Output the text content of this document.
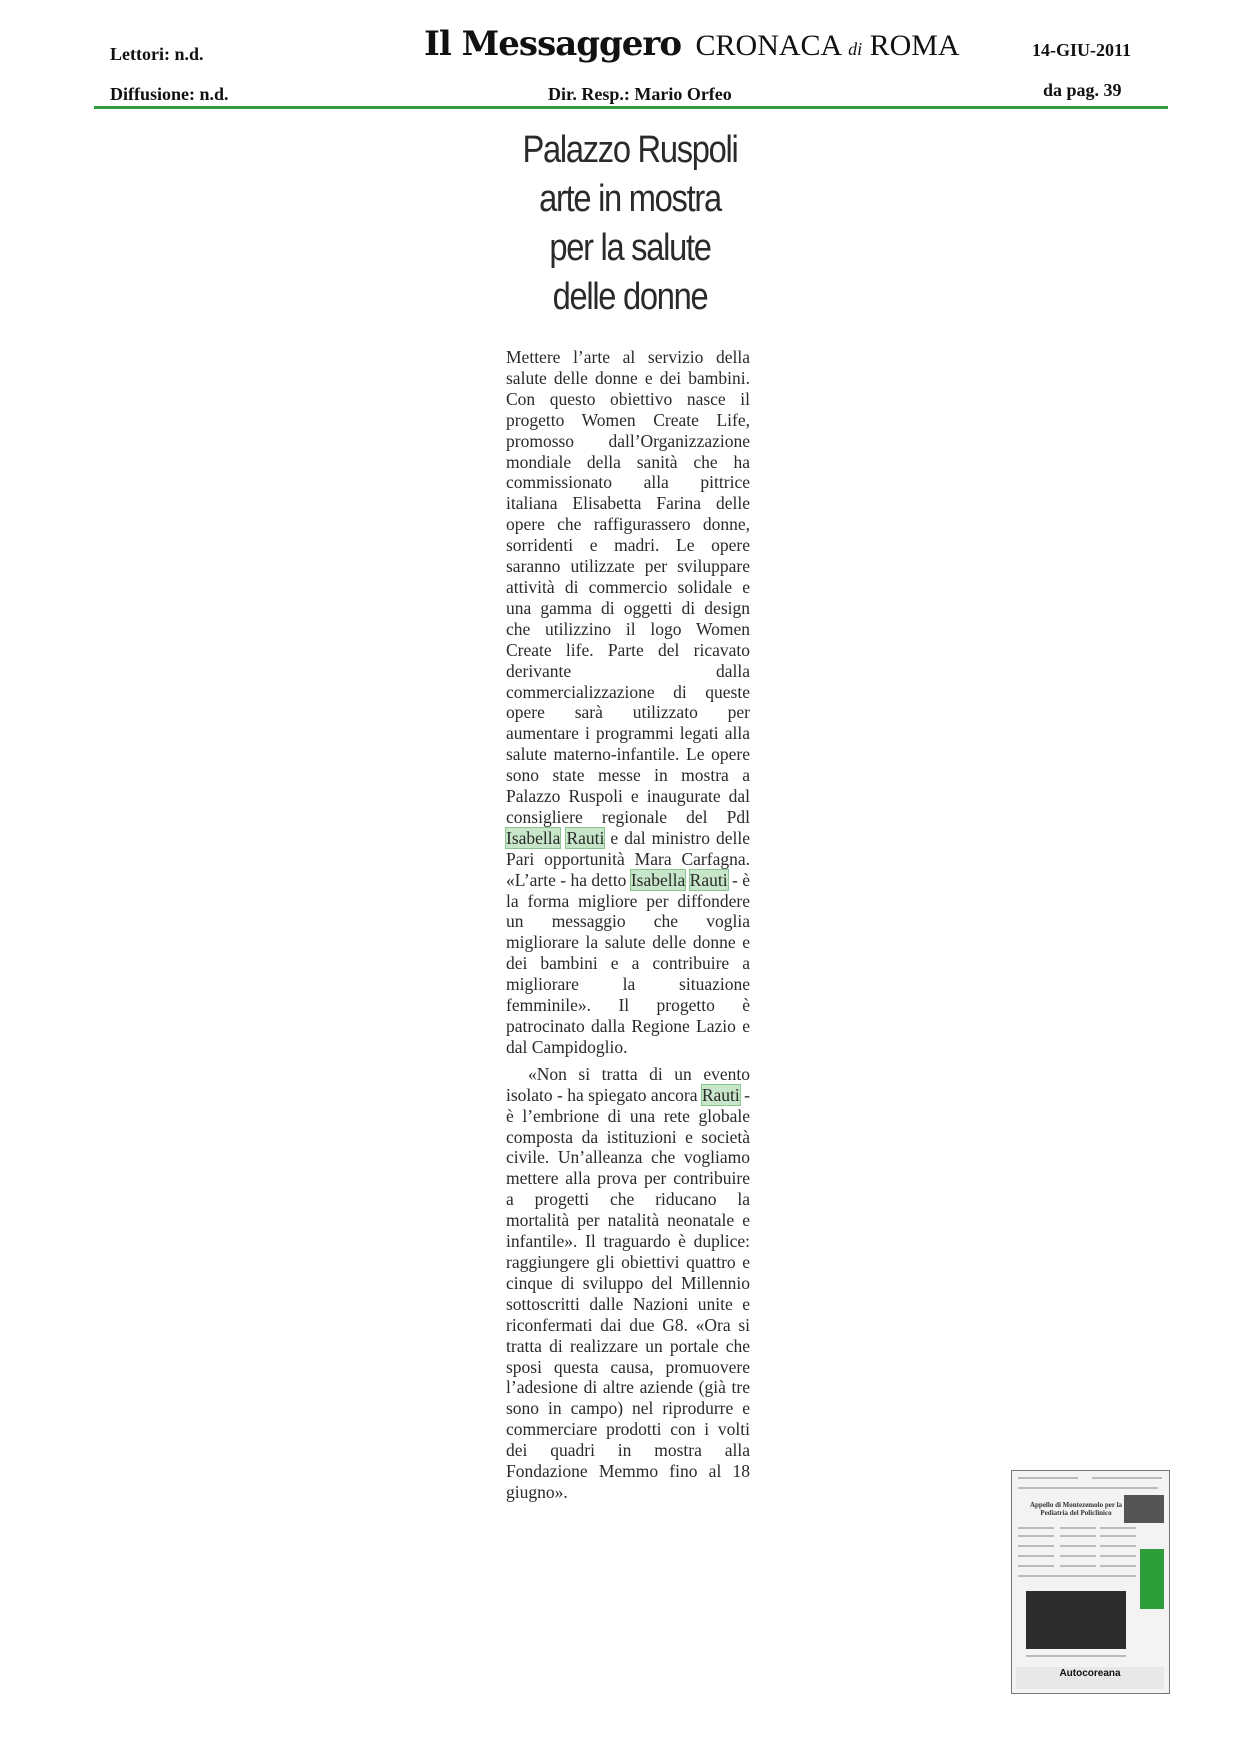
Lettori: n.d.
Diffusione: n.d.
Il Messaggero CRONACA di ROMA	14-GIU-2011
Dir. Resp.: Mario Orfeo	da pag. 39
Palazzo Ruspoli
arte in mostra
per la salute
delle donne

Mettere l’arte al servizio della salute delle donne e dei bambini. Con questo obiettivo nasce il progetto Women Create Life, promosso dall’Organizzazione mondiale della sanità che ha commissionato alla pittrice italiana Elisabetta Farina delle opere che raffigurassero donne, sorridenti e madri. Le opere saranno utilizzate per sviluppare attività di commercio solidale e una gamma di oggetti di design che utilizzino il logo Women Create life. Parte del ricavato derivante dalla commercializzazione di queste opere sarà utilizzato per aumentare i programmi legati alla salute materno-infantile. Le opere sono state messe in mostra a Palazzo Ruspoli e inaugurate dal consigliere regionale del Pdl Isabella Rauti e dal ministro delle Pari opportunità Mara Carfagna. «L’arte - ha detto Isabella Rauti - è la forma migliore per diffondere un messaggio che voglia migliorare la salute delle donne e dei bambini e a contribuire a migliorare la situazione femminile». Il progetto è patrocinato dalla Regione Lazio e dal Campidoglio.

«Non si tratta di un evento isolato - ha spiegato ancora Rauti - è l’embrione di una rete globale composta da istituzioni e società civile. Un’alleanza che vogliamo mettere alla prova per contribuire a progetti che riducano la mortalità per natalità neonatale e infantile». Il traguardo è duplice: raggiungere gli obiettivi quattro e cinque di sviluppo del Millennio sottoscritti dalle Nazioni unite e riconfermati dai due G8. «Ora si tratta di realizzare un portale che sposi questa causa, promuovere l’adesione di altre aziende (già tre sono in campo) nel riprodurre e commerciare prodotti con i volti dei quadri in mostra alla Fondazione Memmo fino al 18 giugno».

Appello di Montezemolo per la Pediatria del Policlinico
Autocoreana
